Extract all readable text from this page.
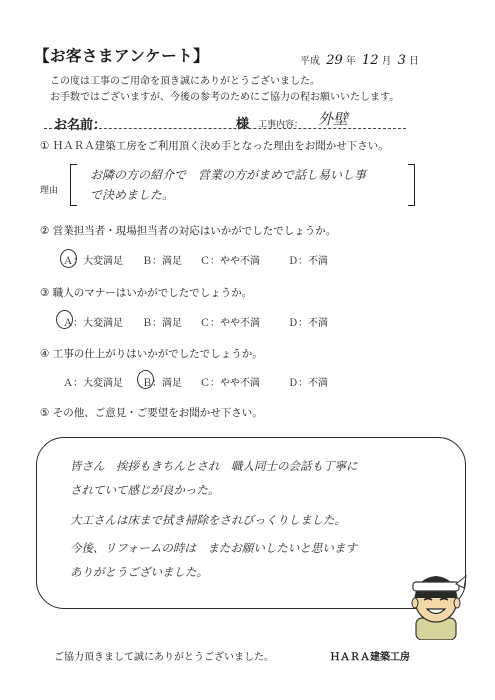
【お客さまアンケート】	平成 29 年 12 月 3 日
この度は工事のご用命を頂き誠にありがとうございました。
お手数ではございますが、今後の参考のためにご協力の程お願いいたします。
お名前：	様 工事内容： 外壁
① ＨＡＲＡ建築工房をご利用頂く決め手となった理由をお聞かせ下さい。
理由
お隣の方の紹介で　営業の方がまめで話し易いし事
で決めました。
② 営業担当者・現場担当者の対応はいかがでしたでしょうか。
Ａ：大変満足 Ｂ：満足 Ｃ：やや不満	Ｄ：不満
③ 職人のマナーはいかがでしたでしょうか。
Ａ：大変満足 Ｂ：満足 Ｃ：やや不満	Ｄ：不満
④ 工事の仕上がりはいかがでしたでしょうか。
Ａ：大変満足 Ｂ：満足 Ｃ：やや不満	Ｄ：不満
⑤ その他、ご意見・ご要望をお聞かせ下さい。
皆さん　挨拶もきちんとされ　職人同士の会話も丁寧に
されていて感じが良かった。
大工さんは床まで拭き掃除をされびっくりしました。
今後、リフォームの時は　またお願いしたいと思います
ありがとうございました。
ご協力頂きまして誠にありがとうございました。	ＨＡＲＡ建築工房
